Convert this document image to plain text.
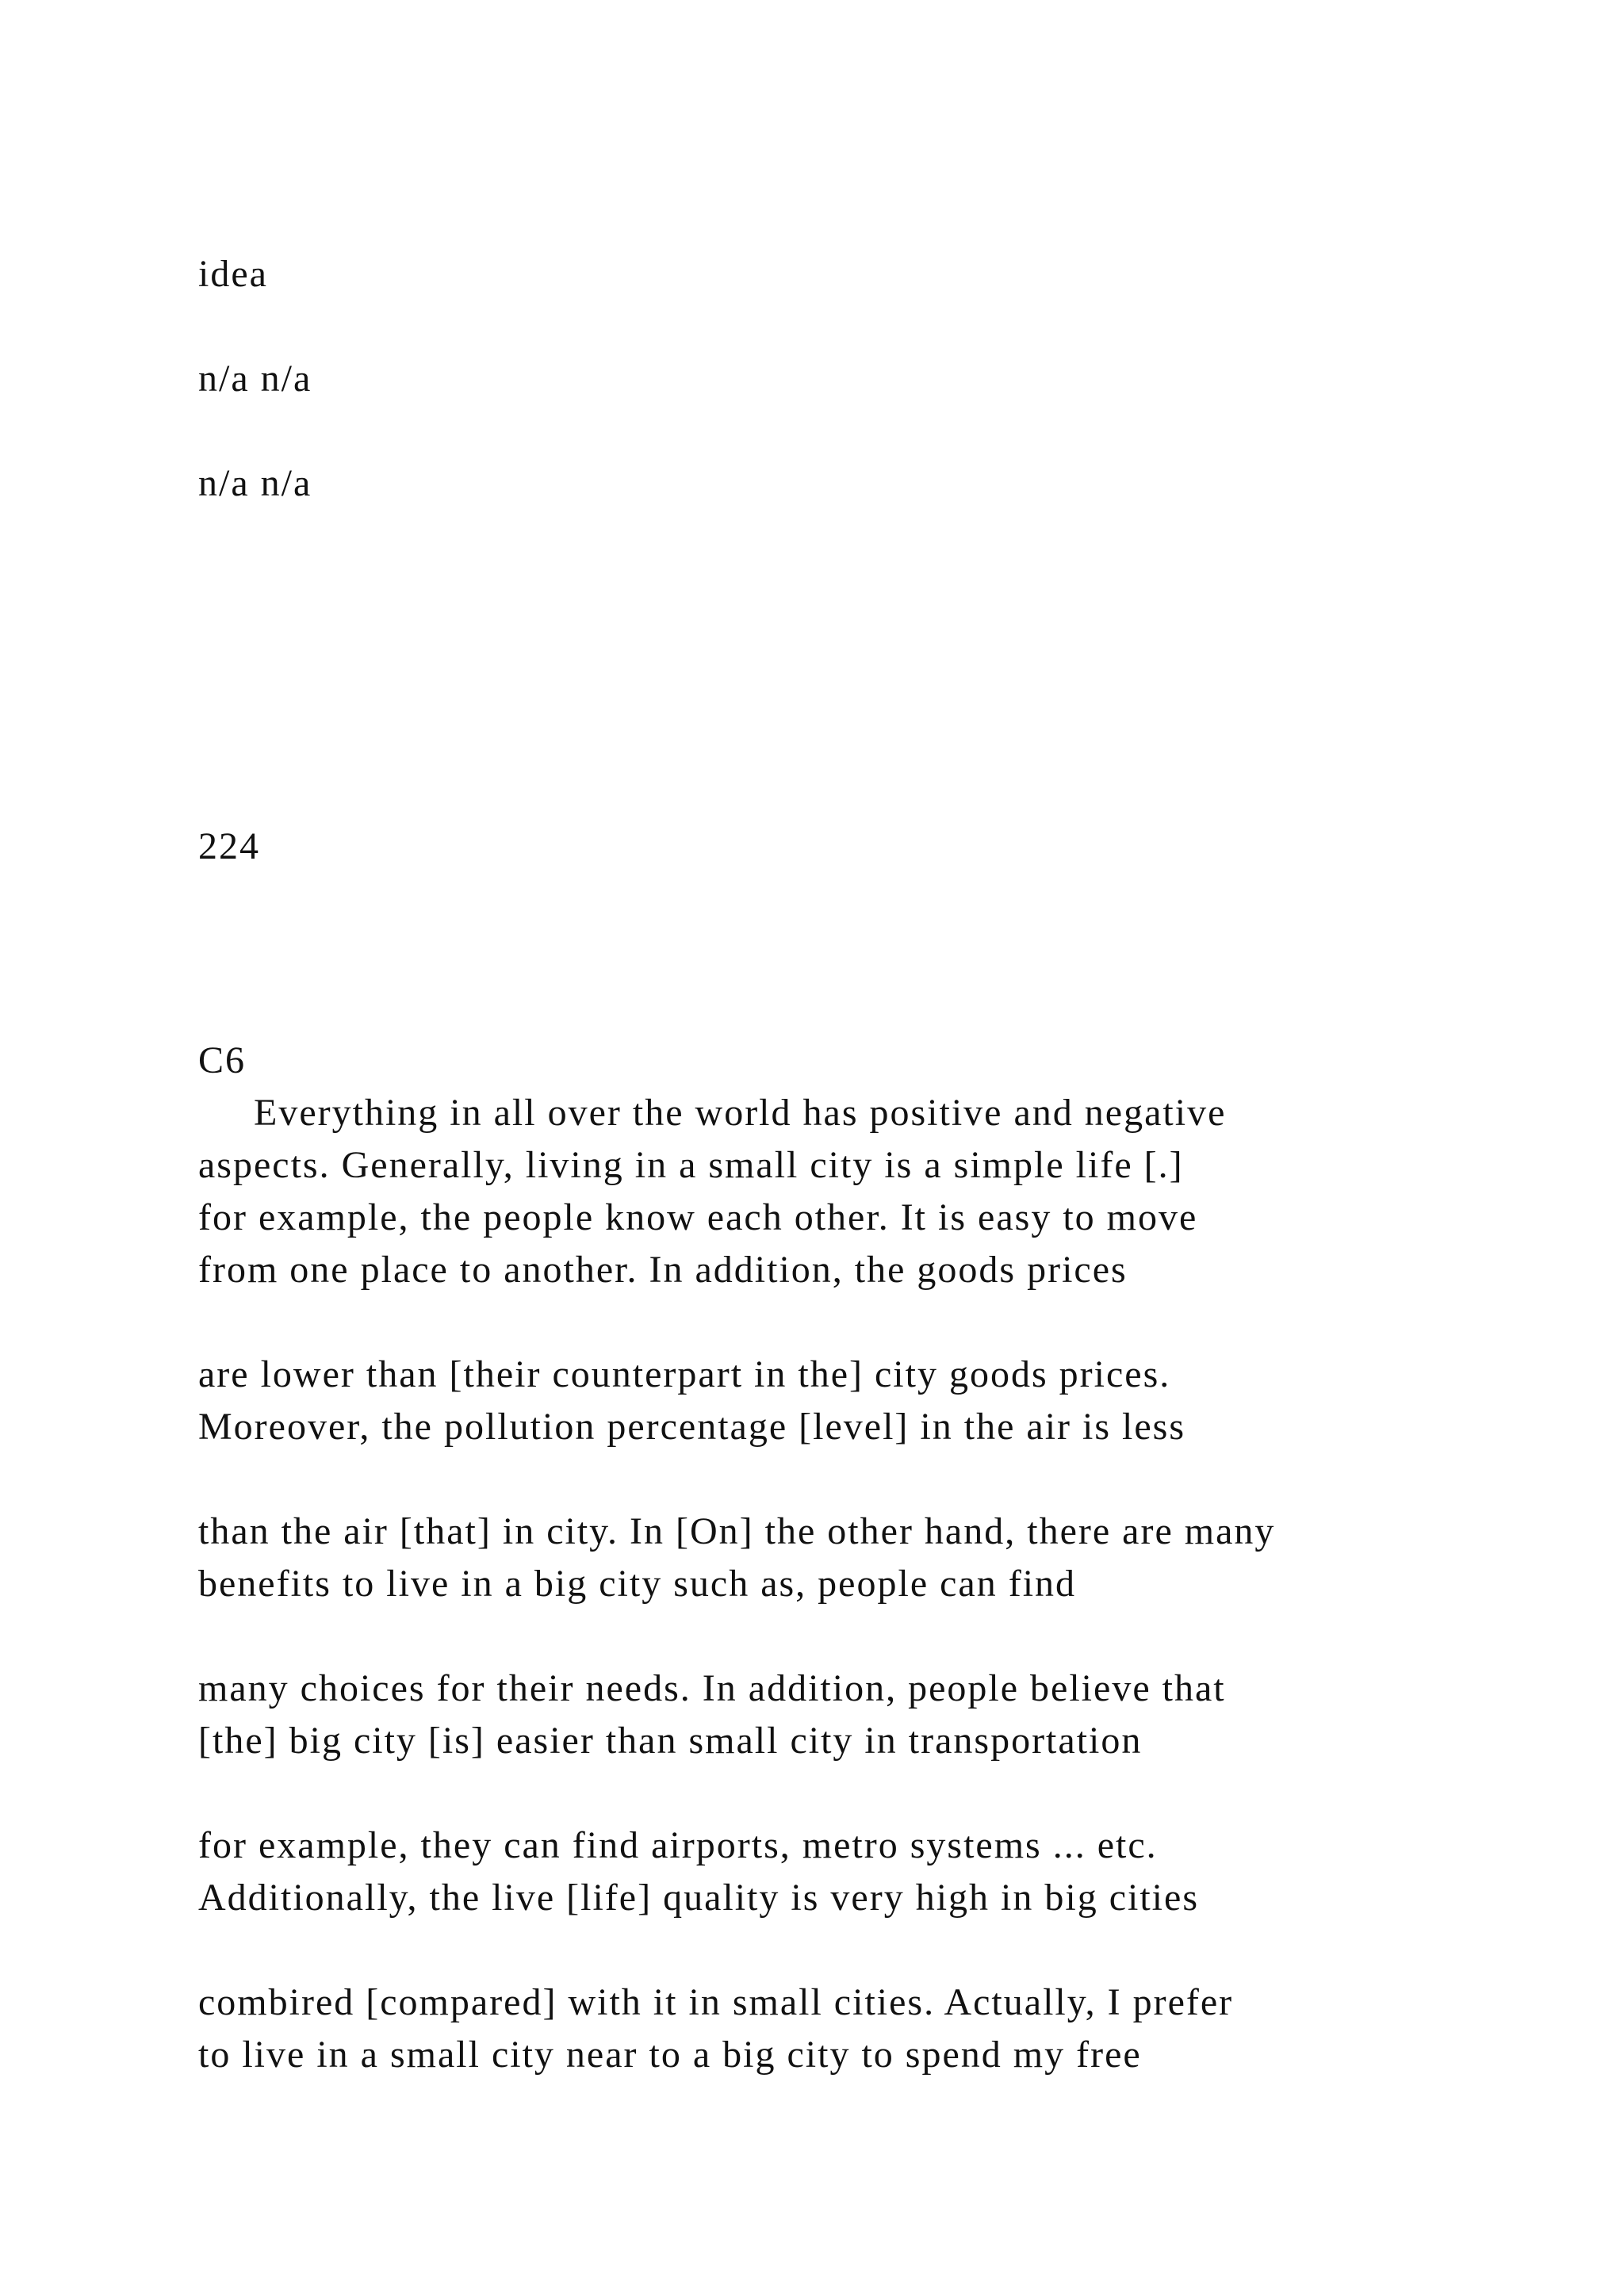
idea

n/a n/a

n/a n/a

224

C6

Everything in all over the world has positive and negative

aspects. Generally, living in a small city is a simple life [.]

for example, the people know each other. It is easy to move

from one place to another. In addition, the goods prices

are lower than [their counterpart in the] city goods prices.

Moreover, the pollution percentage [level] in the air is less

than the air [that] in city. In [On] the other hand, there are many

benefits to live in a big city such as, people can find

many choices for their needs. In addition, people believe that

[the] big city [is] easier than small city in transportation

for example, they can find airports, metro systems ... etc.

Additionally, the live [life] quality is very high in big cities

combired [compared] with it in small cities. Actually, I prefer

to live in a small city near to a big city to spend my free
